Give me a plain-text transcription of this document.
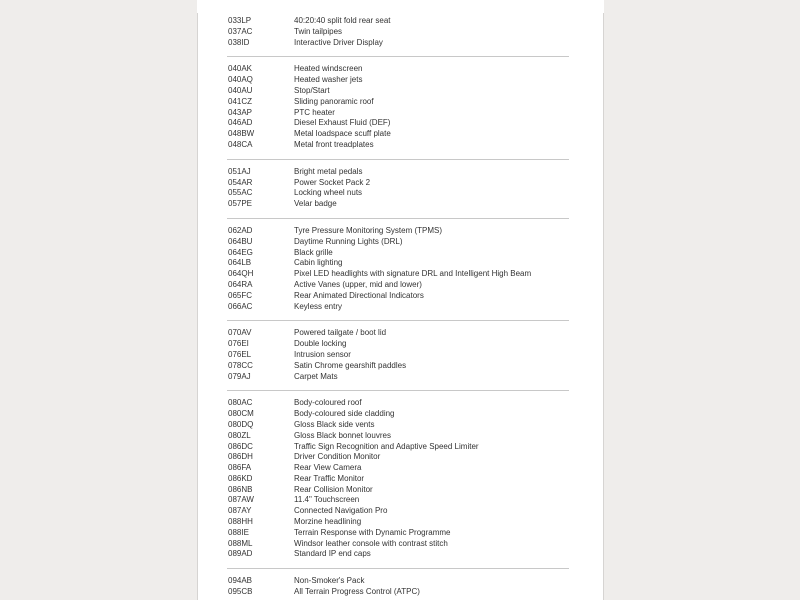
033LP	40:20:40 split fold rear seat
037AC	Twin tailpipes
038ID	Interactive Driver Display
040AK	Heated windscreen
040AQ	Heated washer jets
040AU	Stop/Start
041CZ	Sliding panoramic roof
043AP	PTC heater
046AD	Diesel Exhaust Fluid (DEF)
048BW	Metal loadspace scuff plate
048CA	Metal front treadplates
051AJ	Bright metal pedals
054AR	Power Socket Pack 2
055AC	Locking wheel nuts
057PE	Velar badge
062AD	Tyre Pressure Monitoring System (TPMS)
064BU	Daytime Running Lights (DRL)
064EG	Black grille
064LB	Cabin lighting
064QH	Pixel LED headlights with signature DRL and Intelligent High Beam
064RA	Active Vanes (upper, mid and lower)
065FC	Rear Animated Directional Indicators
066AC	Keyless entry
070AV	Powered tailgate / boot lid
076EI	Double locking
076EL	Intrusion sensor
078CC	Satin Chrome gearshift paddles
079AJ	Carpet Mats
080AC	Body-coloured roof
080CM	Body-coloured side cladding
080DQ	Gloss Black side vents
080ZL	Gloss Black bonnet louvres
086DC	Traffic Sign Recognition and Adaptive Speed Limiter
086DH	Driver Condition Monitor
086FA	Rear View Camera
086KD	Rear Traffic Monitor
086NB	Rear Collision Monitor
087AW	11.4" Touchscreen
087AY	Connected Navigation Pro
088HH	Morzine headlining
088IE	Terrain Response with Dynamic Programme
088ML	Windsor leather console with contrast stitch
089AD	Standard IP end caps
094AB	Non-Smoker's Pack
095CB	All Terrain Progress Control (ATPC)
